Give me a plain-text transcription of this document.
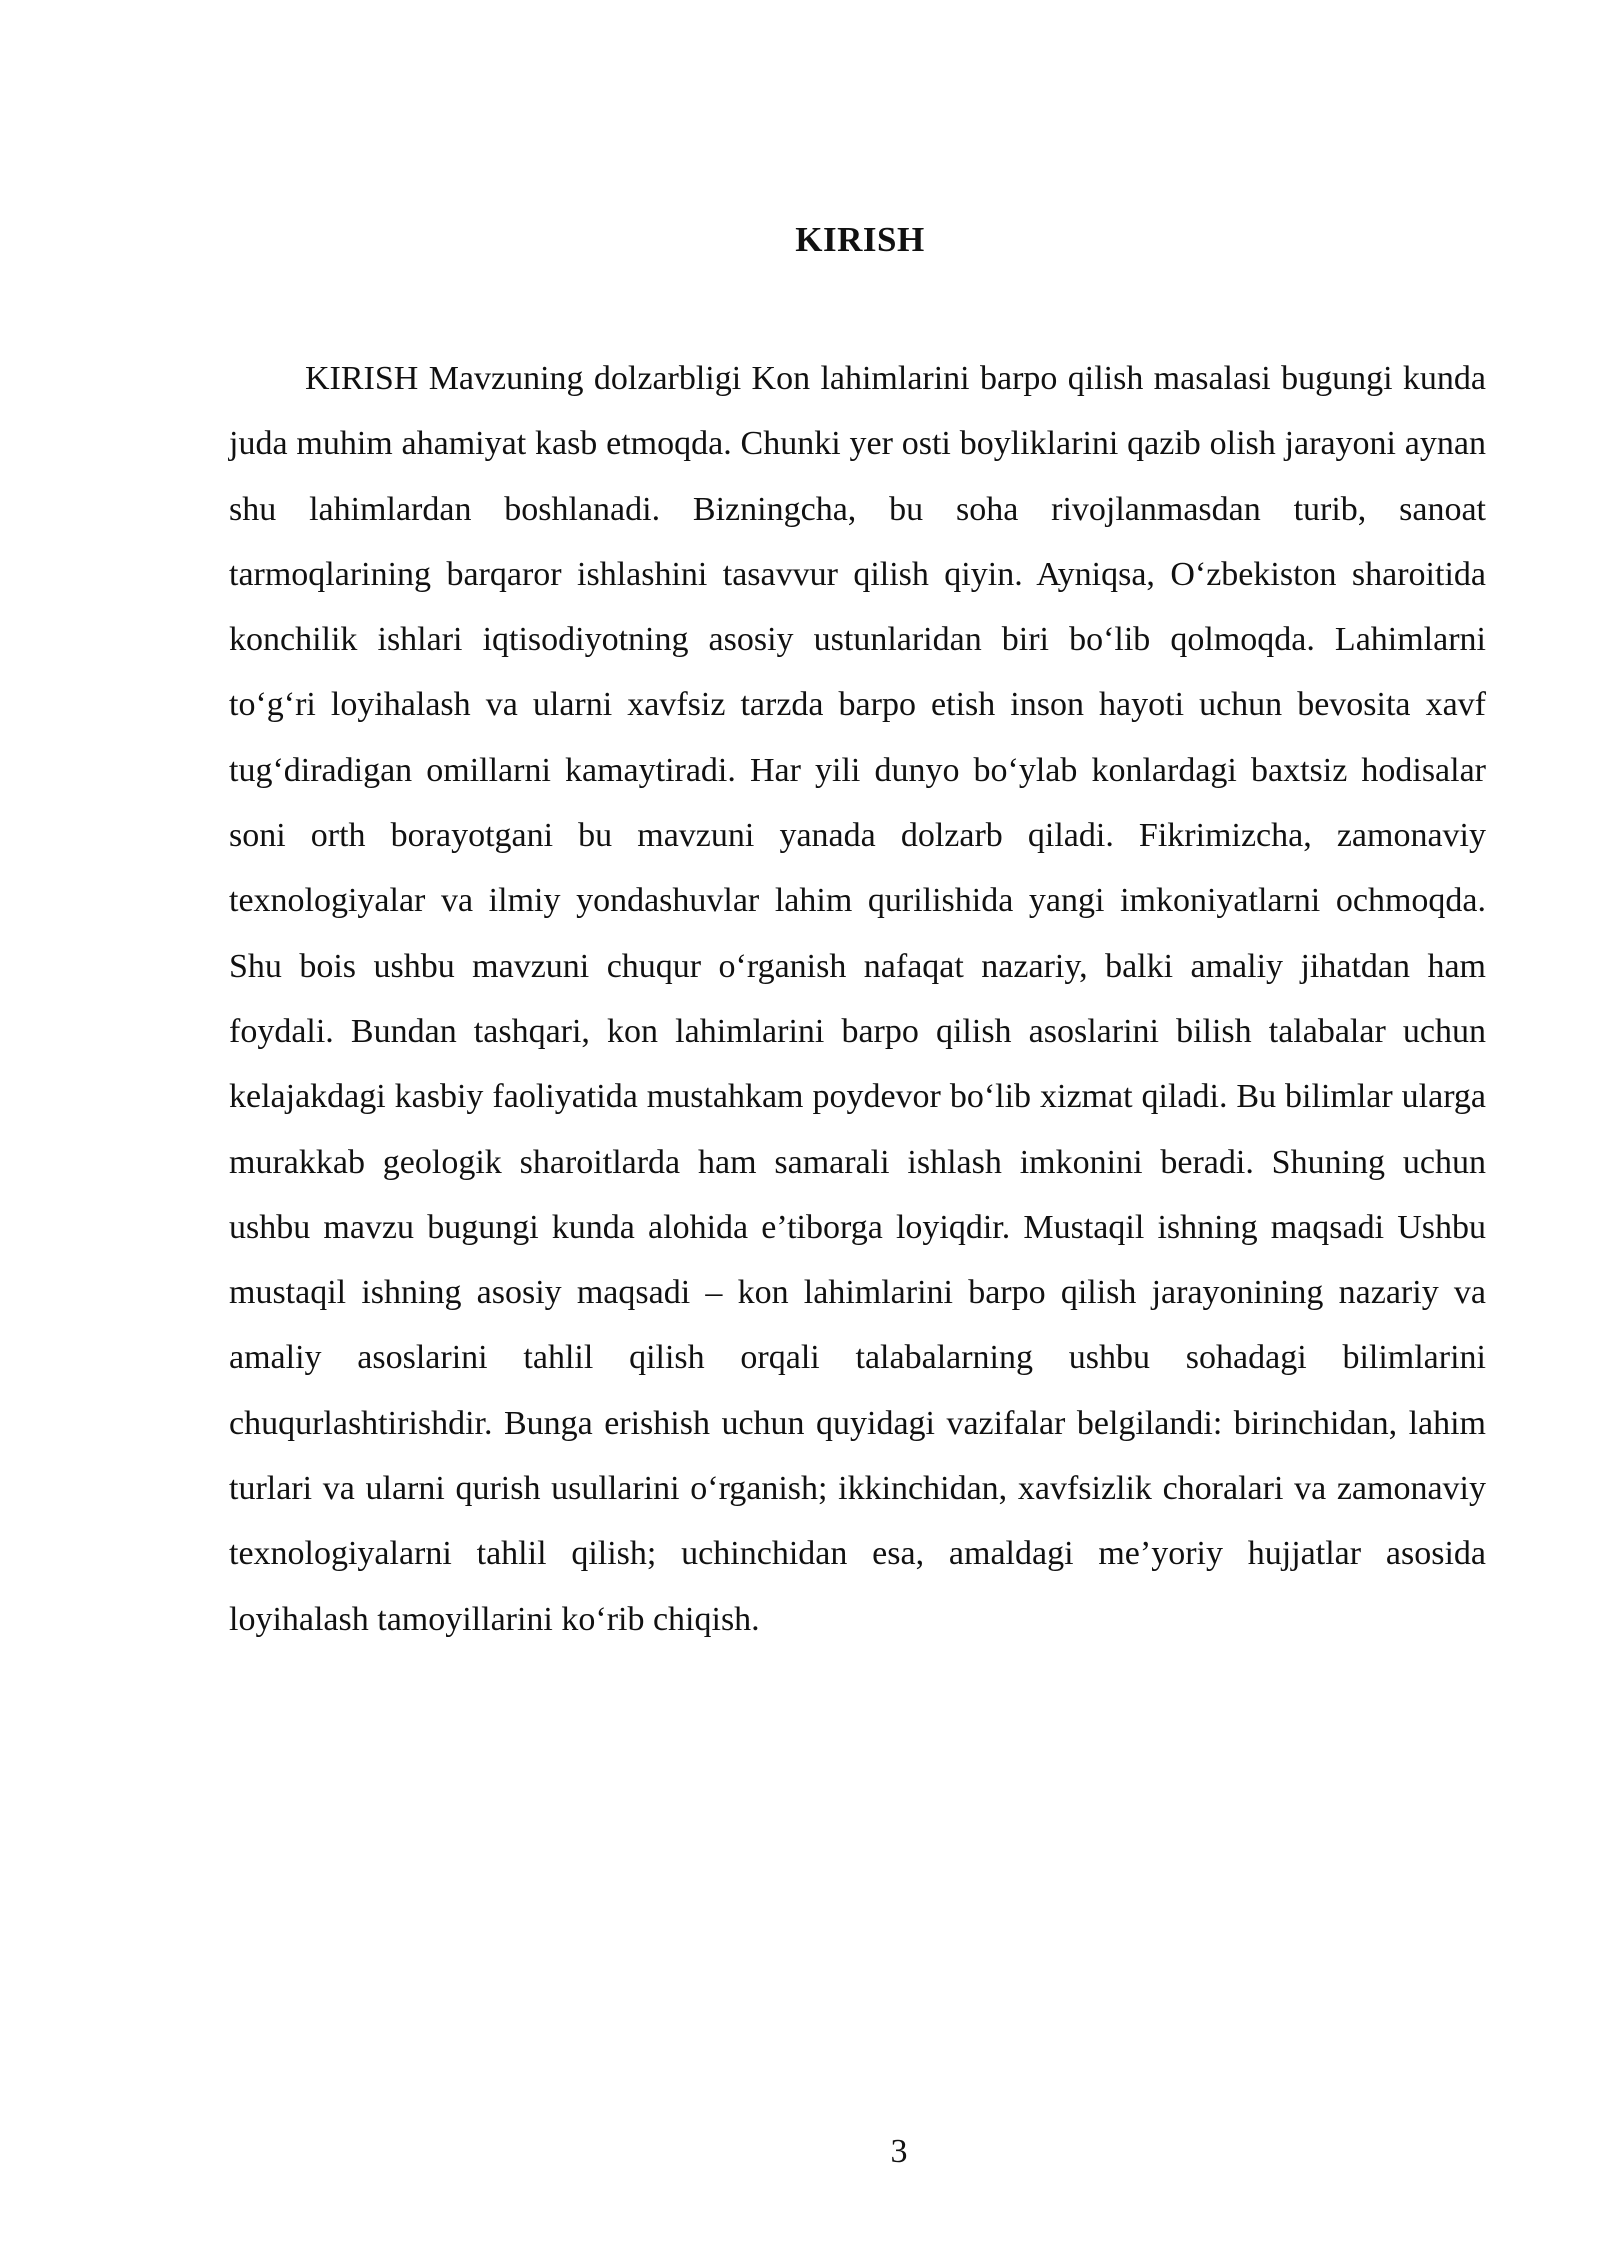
KIRISH

KIRISH Mavzuning dolzarbligi Kon lahimlarini barpo qilish masalasi bugungi kunda juda muhim ahamiyat kasb etmoqda. Chunki yer osti boyliklarini qazib olish jarayoni aynan shu lahimlardan boshlanadi. Bizningcha, bu soha rivojlanmasdan turib, sanoat tarmoqlarining barqaror ishlashini tasavvur qilish qiyin. Ayniqsa, O‘zbekiston sharoitida konchilik ishlari iqtisodiyotning asosiy ustunlaridan biri bo‘lib qolmoqda. Lahimlarni to‘g‘ri loyihalash va ularni xavfsiz tarzda barpo etish inson hayoti uchun bevosita xavf tug‘diradigan omillarni kamaytiradi. Har yili dunyo bo‘ylab konlardagi baxtsiz hodisalar soni orth borayotgani bu mavzuni yanada dolzarb qiladi. Fikrimizcha, zamonaviy texnologiyalar va ilmiy yondashuvlar lahim qurilishida yangi imkoniyatlarni ochmoqda. Shu bois ushbu mavzuni chuqur o‘rganish nafaqat nazariy, balki amaliy jihatdan ham foydali. Bundan tashqari, kon lahimlarini barpo qilish asoslarini bilish talabalar uchun kelajakdagi kasbiy faoliyatida mustahkam poydevor bo‘lib xizmat qiladi. Bu bilimlar ularga murakkab geologik sharoitlarda ham samarali ishlash imkonini beradi. Shuning uchun ushbu mavzu bugungi kunda alohida e’tiborga loyiqdir. Mustaqil ishning maqsadi Ushbu mustaqil ishning asosiy maqsadi – kon lahimlarini barpo qilish jarayonining nazariy va amaliy asoslarini tahlil qilish orqali talabalarning ushbu sohadagi bilimlarini chuqurlashtirishdir. Bunga erishish uchun quyidagi vazifalar belgilandi: birinchidan, lahim turlari va ularni qurish usullarini o‘rganish; ikkinchidan, xavfsizlik choralari va zamonaviy texnologiyalarni tahlil qilish; uchinchidan esa, amaldagi me’yoriy hujjatlar asosida loyihalash tamoyillarini ko‘rib chiqish.

3
